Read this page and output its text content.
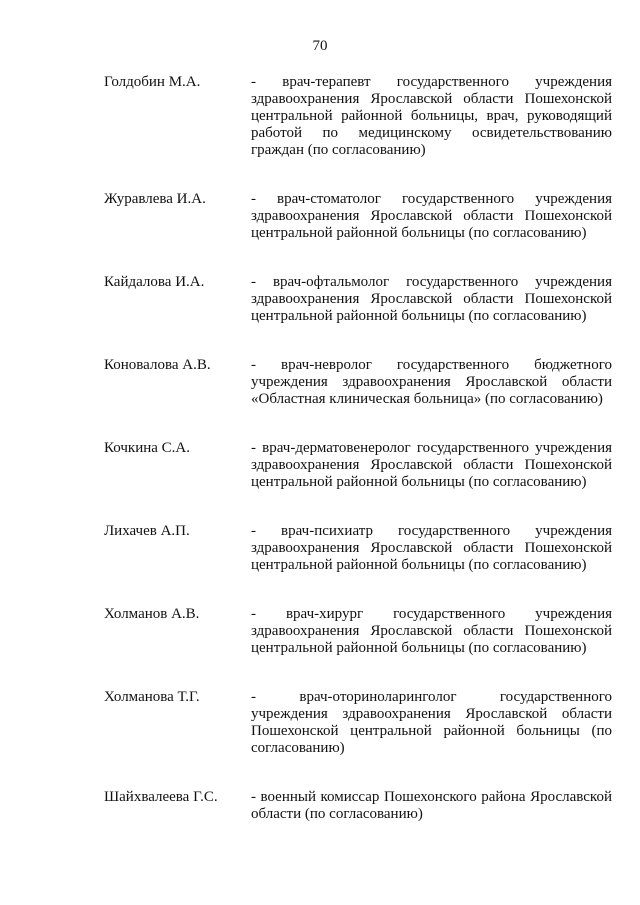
70
Голдобин М.А.	- врач-терапевт государственного учреждения здравоохранения Ярославской области Пошехонской центральной районной больницы, врач, руководящий работой по медицинскому освидетельствованию граждан (по согласованию)
Журавлева И.А.	- врач-стоматолог государственного учреждения здравоохранения Ярославской области Пошехонской центральной районной больницы (по согласованию)
Кайдалова И.А.	- врач-офтальмолог государственного учреждения здравоохранения Ярославской области Пошехонской центральной районной больницы (по согласованию)
Коновалова А.В.	- врач-невролог государственного бюджетного учреждения здравоохранения Ярославской области «Областная клиническая больница» (по согласованию)
Кочкина С.А.	- врач-дерматовенеролог государственного учреждения здравоохранения Ярославской области Пошехонской центральной районной больницы (по согласованию)
Лихачев А.П.	- врач-психиатр государственного учреждения здравоохранения Ярославской области Пошехонской центральной районной больницы (по согласованию)
Холманов А.В.	- врач-хирург государственного учреждения здравоохранения Ярославской области Пошехонской центральной районной больницы (по согласованию)
Холманова Т.Г.	- врач-оториноларинголог государственного учреждения здравоохранения Ярославской области Пошехонской центральной районной больницы (по согласованию)
Шайхвалеева Г.С.	- военный комиссар Пошехонского района Ярославской области (по согласованию)
